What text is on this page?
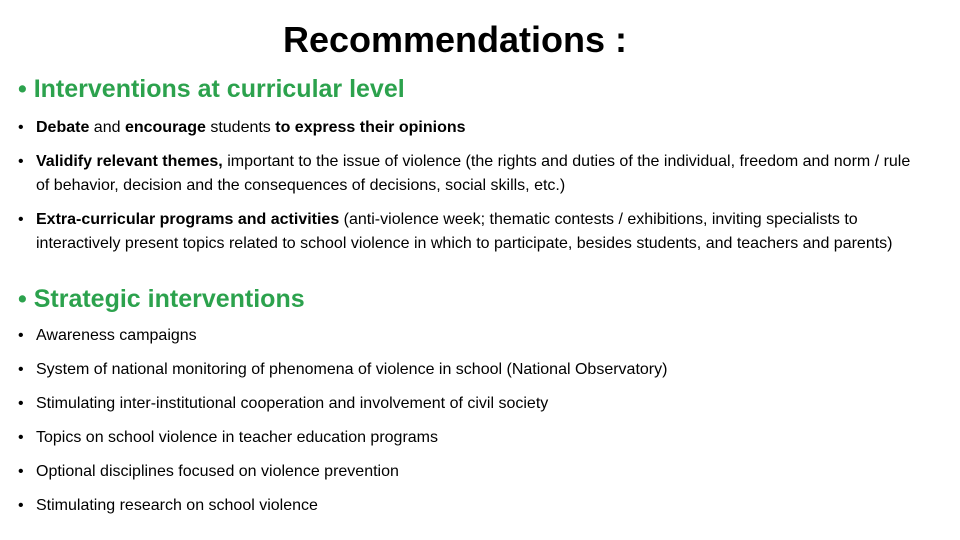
Recommendations :
• Interventions at curricular level
• Debate and encourage students to express their opinions
• Validify relevant themes, important to the issue of violence (the rights and duties of the individual, freedom and norm / rule of behavior, decision and the consequences of decisions, social skills, etc.)
• Extra-curricular programs and activities (anti-violence week; thematic contests / exhibitions, inviting specialists to interactively present topics related to school violence in which to participate, besides students, and teachers and parents)
• Strategic interventions
• Awareness campaigns
• System of national monitoring of phenomena of violence in school (National Observatory)
• Stimulating inter-institutional cooperation and involvement of civil society
• Topics on school violence in teacher education programs
• Optional disciplines focused on violence prevention
• Stimulating research on school violence
